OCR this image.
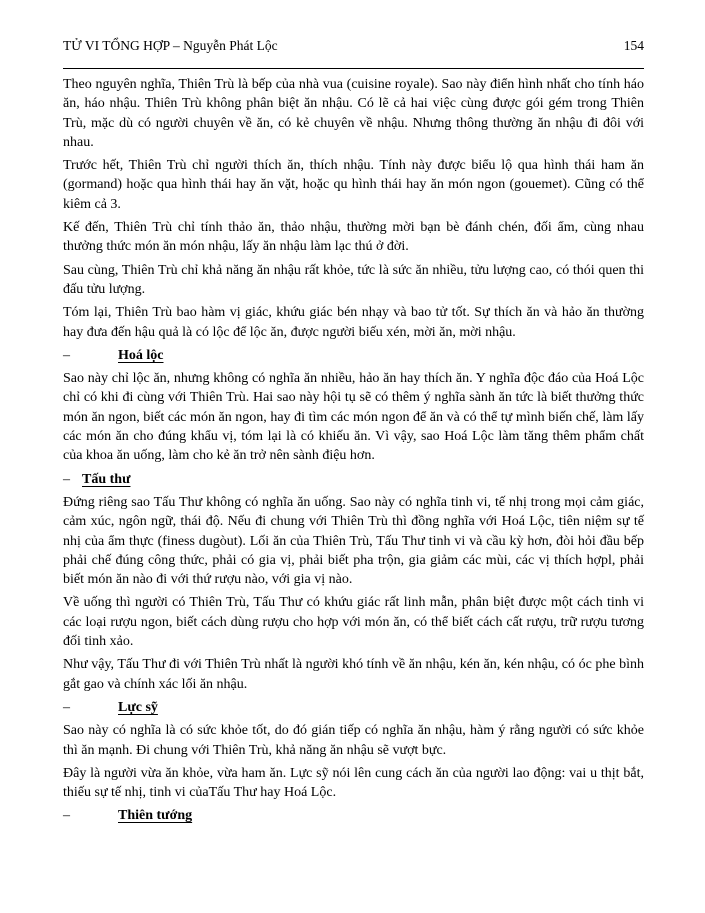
TỬ VI TỔNG HỢP – Nguyễn Phát Lộc	154

Theo nguyên nghĩa, Thiên Trù là bếp của nhà vua (cuisine royale). Sao này điển hình nhất cho tính háo ăn, háo nhậu. Thiên Trù không phân biệt ăn nhậu. Có lẽ cả hai việc cùng được gói gém trong Thiên Trù, mặc dù có người chuyên về ăn, có kẻ chuyên về nhậu. Nhưng thông thường ăn nhậu đi đôi với nhau.

Trước hết, Thiên Trù chỉ người thích ăn, thích nhậu. Tính này được biểu lộ qua hình thái ham ăn (gormand) hoặc qua hình thái hay ăn vặt, hoặc qu hình thái hay ăn món ngon (gouemet). Cũng có thể kiêm cả 3.

Kế đến, Thiên Trù chỉ tính thảo ăn, thảo nhậu, thường mời bạn bè đánh chén, đối ẩm, cùng nhau thưởng thức món ăn món nhậu, lấy ăn nhậu làm lạc thú ở đời.

Sau cùng, Thiên Trù chỉ khả năng ăn nhậu rất khỏe, tức là sức ăn nhiều, tửu lượng cao, có thói quen thi đấu tửu lượng.

Tóm lại, Thiên Trù bao hàm vị giác, khứu giác bén nhạy và bao tử tốt. Sự thích ăn và hảo ăn thường hay đưa đến hậu quả là có lộc để lộc ăn, được người biếu xén, mời ăn, mời nhậu.

–	Hoá lộc

Sao này chỉ lộc ăn, nhưng không có nghĩa ăn nhiều, hảo ăn hay thích ăn. Y nghĩa độc đáo của Hoá Lộc chỉ có khi đi cùng với Thiên Trù. Hai sao này hội tụ sẽ có thêm ý nghĩa sành ăn tức là biết thưởng thức món ăn ngon, biết các món ăn ngon, hay đi tìm các món ngon để ăn và có thể tự mình biến chế, làm lấy các món ăn cho đúng khẩu vị, tóm lại là có khiếu ăn. Vì vậy, sao Hoá Lộc làm tăng thêm phẩm chất của khoa ăn uống, làm cho kẻ ăn trở nên sành điệu hơn.

– Tấu thư

Đứng riêng sao Tấu Thư không có nghĩa ăn uống. Sao này có nghĩa tinh vi, tế nhị trong mọi cảm giác, cảm xúc, ngôn ngữ, thái độ. Nếu đi chung với Thiên Trù thì đồng nghĩa với Hoá Lộc, tiên niệm sự tế nhị của ẩm thực (finess dugòut). Lối ăn của Thiên Trù, Tấu Thư tinh vi và cầu kỳ hơn, đòi hỏi đầu bếp phải chế đúng công thức, phải có gia vị, phải biết pha trộn, gia giảm các mùi, các vị thích hợpl, phải biết món ăn nào đi với thứ rượu nào, với gia vị nào.

Về uống thì người có Thiên Trù, Tấu Thư có khứu giác rất linh mẫn, phân biệt được một cách tinh vi các loại rượu ngon, biết cách dùng rượu cho hợp với món ăn, có thể biết cách cất rượu, trữ rượu tương đối tinh xảo.

Như vậy, Tấu Thư đi với Thiên Trù nhất là người khó tính về ăn nhậu, kén ăn, kén nhậu, có óc phe bình gắt gao và chính xác lối ăn nhậu.

–	Lực sỹ

Sao này có nghĩa là có sức khỏe tốt, do đó gián tiếp có nghĩa ăn nhậu, hàm ý rằng người có sức khỏe thì ăn mạnh. Đi chung với Thiên Trù, khả năng ăn nhậu sẽ vượt bực.

Đây là người vừa ăn khỏe, vừa ham ăn. Lực sỹ nói lên cung cách ăn của người lao động: vai u thịt bắt, thiếu sự tế nhị, tinh vi củaTấu Thư hay Hoá Lộc.

–	Thiên tướng
